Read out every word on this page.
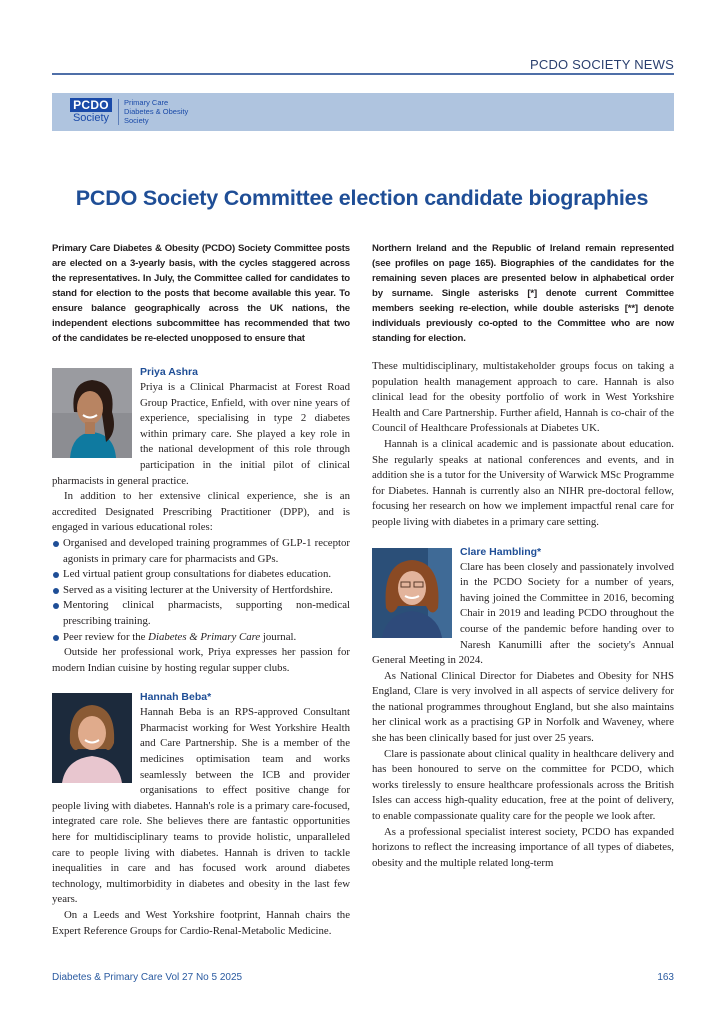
PCDO SOCIETY NEWS
PCDO
Society
Primary Care
Diabetes & Obesity
Society
PCDO Society Committee election candidate biographies

Primary Care Diabetes & Obesity (PCDO) Society Committee posts are elected on a 3-yearly basis, with the cycles staggered across the representatives. In July, the Committee called for candidates to stand for election to the posts that become available this year. To ensure balance geographically across the UK nations, the independent elections subcommittee has recommended that two of the candidates be re-elected unopposed to ensure that

Northern Ireland and the Republic of Ireland remain represented (see profiles on page 165). Biographies of the candidates for the remaining seven places are presented below in alphabetical order by surname. Single asterisks [*] denote current Committee members seeking re-election, while double asterisks [**] denote individuals previously co-opted to the Committee who are now standing for election.

Priya Ashra

Priya is a Clinical Pharmacist at Forest Road Group Practice, Enfield, with over nine years of experience, specialising in type 2 diabetes within primary care. She played a key role in the national development of this role through participation in the initial pilot of clinical pharmacists in general practice.

In addition to her extensive clinical experience, she is an accredited Designated Prescribing Practitioner (DPP), and is engaged in various educational roles:

Organised and developed training programmes of GLP-1 receptor agonists in primary care for pharmacists and GPs.
Led virtual patient group consultations for diabetes education.
Served as a visiting lecturer at the University of Hertfordshire.
Mentoring clinical pharmacists, supporting non-medical prescribing training.
Peer review for the Diabetes & Primary Care journal.

Outside her professional work, Priya expresses her passion for modern Indian cuisine by hosting regular supper clubs.

Hannah Beba*

Hannah Beba is an RPS-approved Consultant Pharmacist working for West Yorkshire Health and Care Partnership. She is a member of the medicines optimisation team and works seamlessly between the ICB and provider organisations to effect positive change for people living with diabetes. Hannah's role is a primary care-focused, integrated care role. She believes there are fantastic opportunities here for multidisciplinary teams to provide holistic, unparalleled care to people living with diabetes. Hannah is driven to tackle inequalities in care and has focused work around diabetes technology, multimorbidity in diabetes and obesity in the last few years.

On a Leeds and West Yorkshire footprint, Hannah chairs the Expert Reference Groups for Cardio-Renal-Metabolic Medicine.

These multidisciplinary, multistakeholder groups focus on taking a population health management approach to care. Hannah is also clinical lead for the obesity portfolio of work in West Yorkshire Health and Care Partnership. Further afield, Hannah is co-chair of the Council of Healthcare Professionals at Diabetes UK.

Hannah is a clinical academic and is passionate about education. She regularly speaks at national conferences and events, and in addition she is a tutor for the University of Warwick MSc Programme for Diabetes. Hannah is currently also an NIHR pre-doctoral fellow, focusing her research on how we implement impactful renal care for people living with diabetes in a primary care setting.

Clare Hambling*

Clare has been closely and passionately involved in the PCDO Society for a number of years, having joined the Committee in 2016, becoming Chair in 2019 and leading PCDO throughout the course of the pandemic before handing over to Naresh Kanumilli after the society's Annual General Meeting in 2024.

As National Clinical Director for Diabetes and Obesity for NHS England, Clare is very involved in all aspects of service delivery for the national programmes throughout England, but she also maintains her clinical work as a practising GP in Norfolk and Waveney, where she has been clinically based for just over 25 years.

Clare is passionate about clinical quality in healthcare delivery and has been honoured to serve on the committee for PCDO, which works tirelessly to ensure healthcare professionals across the British Isles can access high-quality education, free at the point of delivery, to enable compassionate quality care for the people we look after.

As a professional specialist interest society, PCDO has expanded horizons to reflect the increasing importance of all types of diabetes, obesity and the multiple related long-term

Diabetes & Primary Care Vol 27 No 5 2025	163
